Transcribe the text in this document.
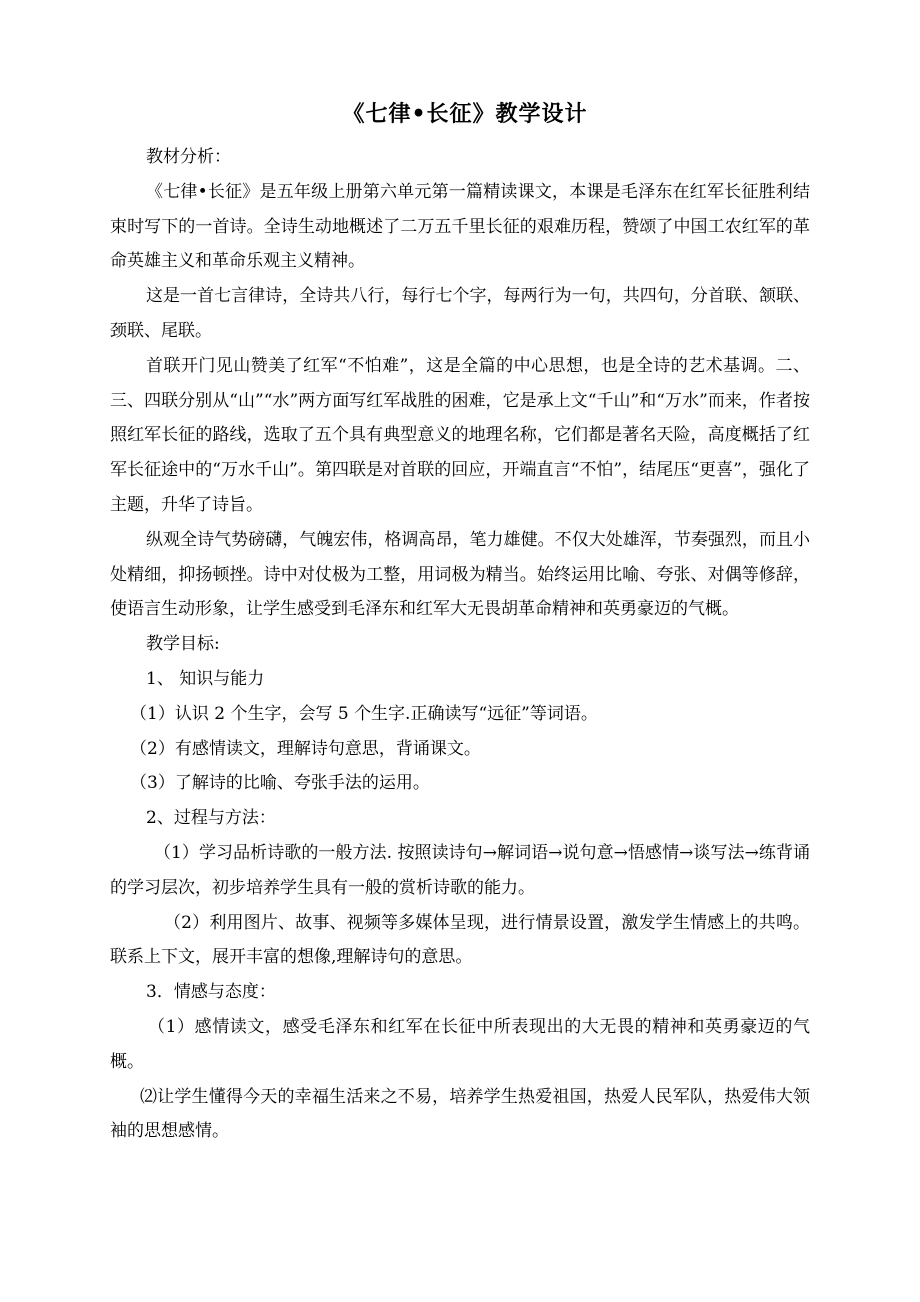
《七律•长征》教学设计

教材分析：

《七律•长征》是五年级上册第六单元第一篇精读课文，本课是毛泽东在红军长征胜利结束时写下的一首诗。全诗生动地概述了二万五千里长征的艰难历程，赞颂了中国工农红军的革命英雄主义和革命乐观主义精神。

这是一首七言律诗，全诗共八行，每行七个字，每两行为一句，共四句，分首联、颔联、颈联、尾联。

首联开门见山赞美了红军“不怕难”，这是全篇的中心思想，也是全诗的艺术基调。二、三、四联分别从“山”“水”两方面写红军战胜的困难，它是承上文“千山”和“万水”而来，作者按照红军长征的路线，选取了五个具有典型意义的地理名称，它们都是著名天险，高度概括了红军长征途中的“万水千山”。第四联是对首联的回应，开端直言“不怕”，结尾压“更喜”，强化了主题，升华了诗旨。

纵观全诗气势磅礴，气魄宏伟，格调高昂，笔力雄健。不仅大处雄浑，节奏强烈，而且小处精细，抑扬顿挫。诗中对仗极为工整，用词极为精当。始终运用比喻、夸张、对偶等修辞，使语言生动形象，让学生感受到毛泽东和红军大无畏胡革命精神和英勇豪迈的气概。

教学目标:

1、 知识与能力

（1）认识 2 个生字，会写 5 个生字.正确读写“远征”等词语。

（2）有感情读文，理解诗句意思，背诵课文。

（3）了解诗的比喻、夸张手法的运用。

2、过程与方法：

（1）学习品析诗歌的一般方法. 按照读诗句→解词语→说句意→悟感情→谈写法→练背诵的学习层次，初步培养学生具有一般的赏析诗歌的能力。

（2）利用图片、故事、视频等多媒体呈现，进行情景设置，激发学生情感上的共鸣。联系上下文，展开丰富的想像,理解诗句的意思。

3．情感与态度：

（1）感情读文，感受毛泽东和红军在长征中所表现出的大无畏的精神和英勇豪迈的气概。

⑵让学生懂得今天的幸福生活来之不易，培养学生热爱祖国，热爱人民军队，热爱伟大领袖的思想感情。
